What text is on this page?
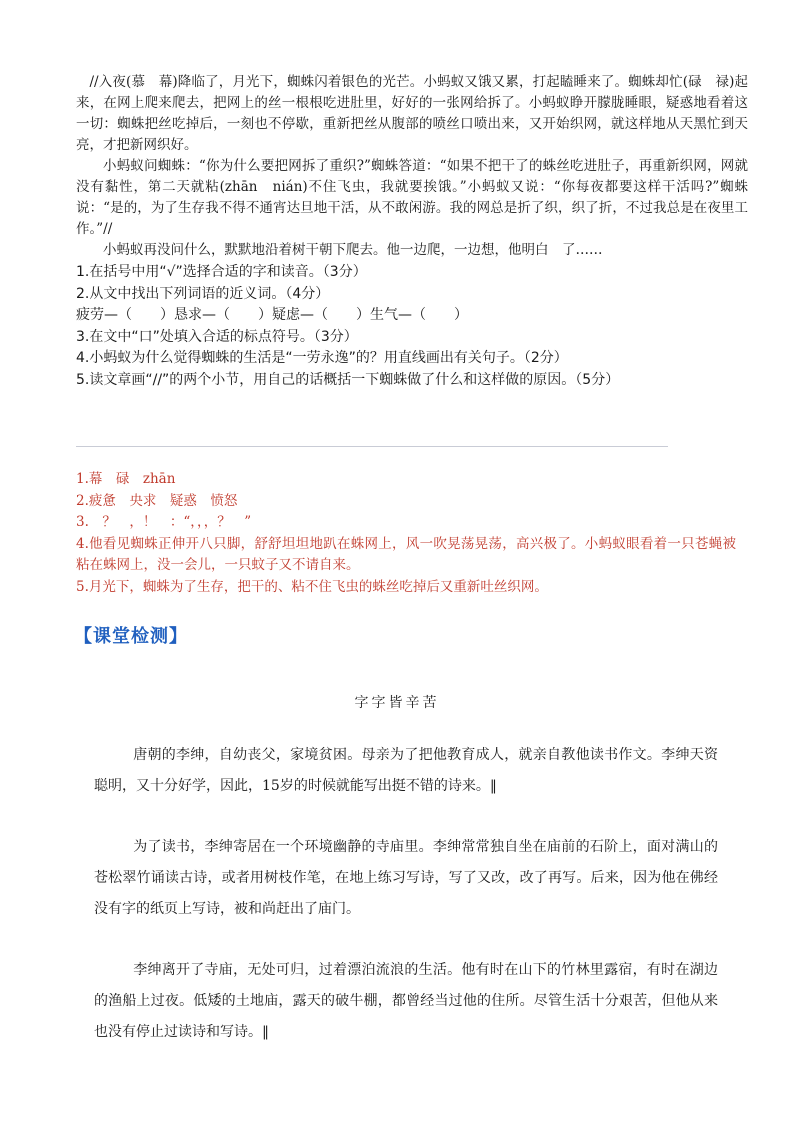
//入夜(慕　幕)降临了，月光下，蜘蛛闪着银色的光芒。小蚂蚁又饿又累，打起瞌睡来了。蜘蛛却忙(碌　禄)起来，在网上爬来爬去，把网上的丝一根根吃进肚里，好好的一张网给拆了。小蚂蚁睁开朦胧睡眼，疑惑地看着这一切：蜘蛛把丝吃掉后，一刻也不停歇，重新把丝从腹部的喷丝口喷出来，又开始织网，就这样地从天黑忙到天亮，才把新网织好。

小蚂蚁问蜘蛛：“你为什么要把网拆了重织?”蜘蛛答道：“如果不把干了的蛛丝吃进肚子，再重新织网，网就没有黏性，第二天就粘(zhān　nián)不住飞虫，我就要挨饿。”小蚂蚁又说：“你每夜都要这样干活吗?”蜘蛛说：“是的，为了生存我不得不通宵达旦地干活，从不敢闲游。我的网总是折了织，织了折，不过我总是在夜里工作。”//

小蚂蚁再没问什么，默默地沿着树干朝下爬去。他一边爬，一边想，他明白　了……

1.在括号中用“√”选择合适的字和读音。（3分）
2.从文中找出下列词语的近义词。（4分）
疲劳—（　　）恳求—（　　）疑虑—（　　）生气—（　　）
3.在文中“口”处填入合适的标点符号。（3分）
4.小蚂蚁为什么觉得蜘蛛的生活是“一劳永逸”的？用直线画出有关句子。（2分）
5.读文章画“//”的两个小节，用自己的话概括一下蜘蛛做了什么和这样做的原因。（5分）
1.幕　碌　zhān
2.疲惫　央求　疑惑　愤怒
3.　？　，！　：“，，，？　”
4.他看见蜘蛛正伸开八只脚，舒舒坦坦地趴在蛛网上，风一吹晃荡晃荡，高兴极了。小蚂蚁眼看着一只苍蝇被粘在蛛网上，没一会儿，一只蚊子又不请自来。
5.月光下，蜘蛛为了生存，把干的、粘不住飞虫的蛛丝吃掉后又重新吐丝织网。
【课堂检测】
字字皆辛苦

唐朝的李绅，自幼丧父，家境贫困。母亲为了把他教育成人，就亲自教他读书作文。李绅天资聪明，又十分好学，因此，15岁的时候就能写出挺不错的诗来。‖

为了读书，李绅寄居在一个环境幽静的寺庙里。李绅常常独自坐在庙前的石阶上，面对满山的苍松翠竹诵读古诗，或者用树枝作笔，在地上练习写诗，写了又改，改了再写。后来，因为他在佛经没有字的纸页上写诗，被和尚赶出了庙门。

李绅离开了寺庙，无处可归，过着漂泊流浪的生活。他有时在山下的竹林里露宿，有时在湖边的渔船上过夜。低矮的土地庙，露天的破牛棚，都曾经当过他的住所。尽管生活十分艰苦，但他从来也没有停止过读诗和写诗。‖
